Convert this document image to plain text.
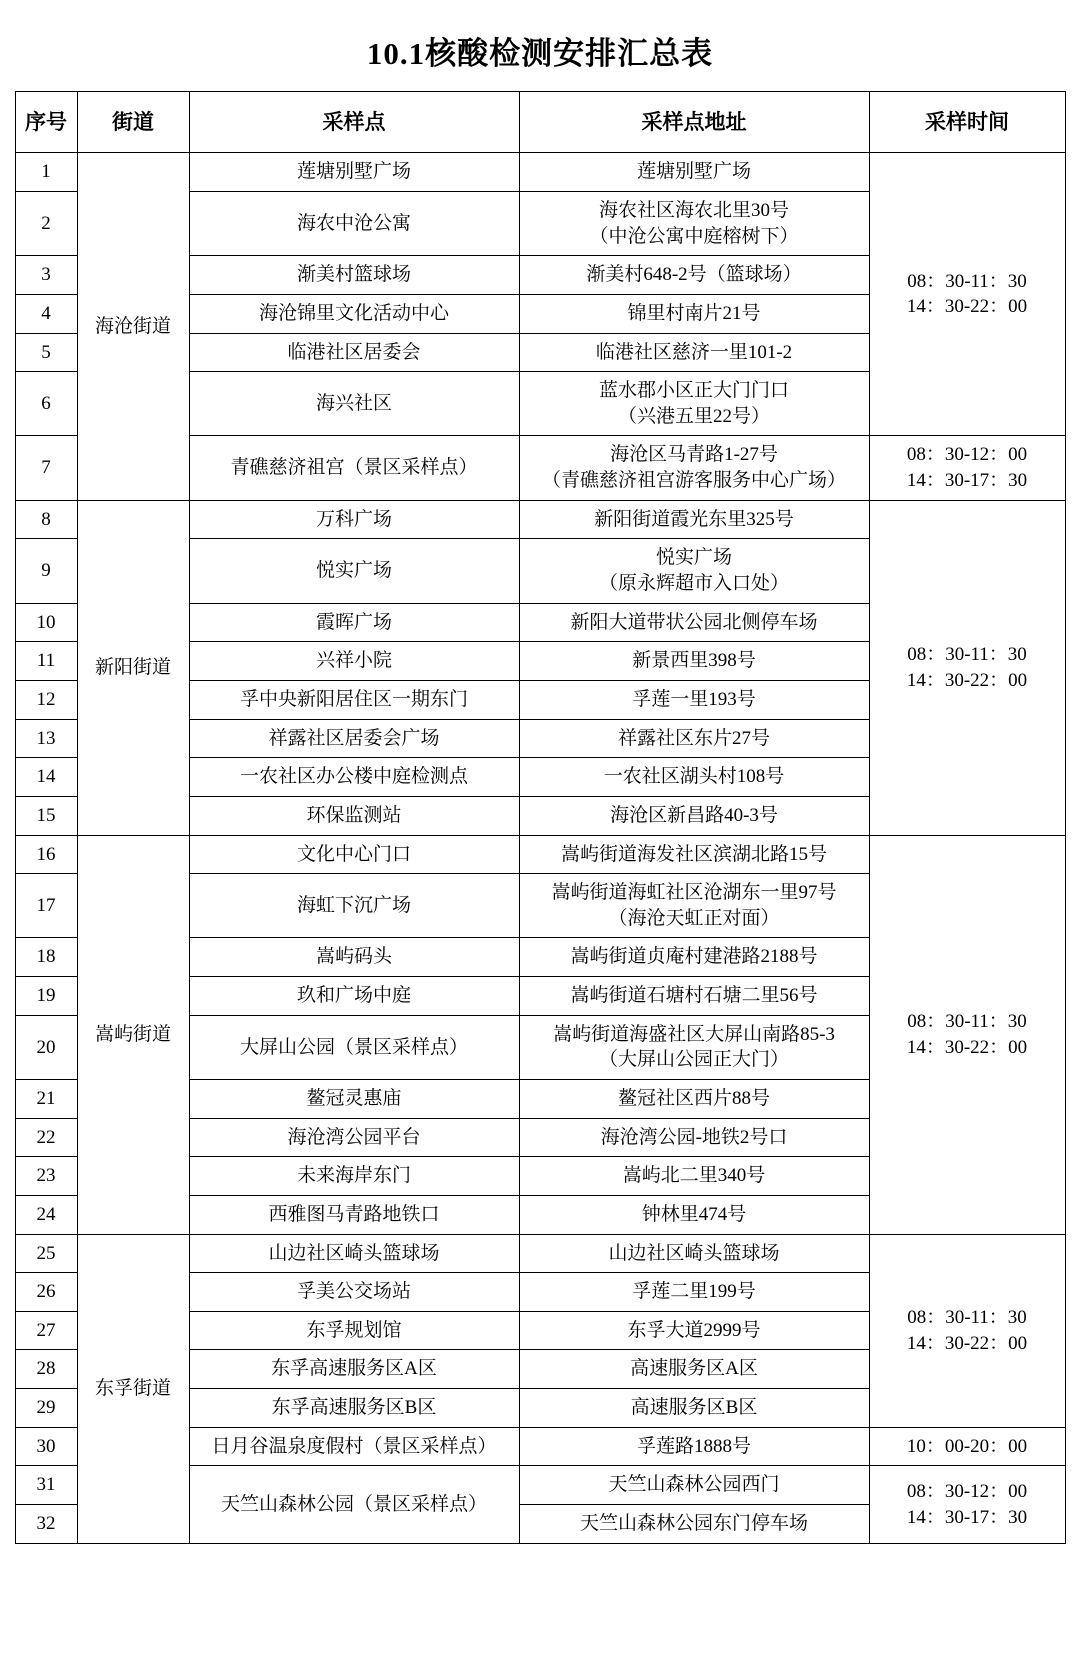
10.1核酸检测安排汇总表
序号	街道	采样点	采样点地址	采样时间
1	海沧街道	莲塘别墅广场	莲塘别墅广场	08：30-11：30
14：30-22：00
2		海农中沧公寓	海农社区海农北里30号
（中沧公寓中庭榕树下）	
3		渐美村篮球场	渐美村648-2号（篮球场）	
4		海沧锦里文化活动中心	锦里村南片21号	
5		临港社区居委会	临港社区慈济一里101-2	
6		海兴社区	蓝水郡小区正大门门口
（兴港五里22号）	
7		青礁慈济祖宫（景区采样点）	海沧区马青路1-27号
（青礁慈济祖宫游客服务中心广场）	08：30-12：00
14：30-17：30
8	新阳街道	万科广场	新阳街道霞光东里325号	08：30-11：30
14：30-22：00
9		悦实广场	悦实广场
（原永辉超市入口处）	
10		霞晖广场	新阳大道带状公园北侧停车场	
11		兴祥小院	新景西里398号	
12		孚中央新阳居住区一期东门	孚莲一里193号	
13		祥露社区居委会广场	祥露社区东片27号	
14		一农社区办公楼中庭检测点	一农社区湖头村108号	
15		环保监测站	海沧区新昌路40-3号	
16	嵩屿街道	文化中心门口	嵩屿街道海发社区滨湖北路15号	08：30-11：30
14：30-22：00
17		海虹下沉广场	嵩屿街道海虹社区沧湖东一里97号
（海沧天虹正对面）	
18		嵩屿码头	嵩屿街道贞庵村建港路2188号	
19		玖和广场中庭	嵩屿街道石塘村石塘二里56号	
20		大屏山公园（景区采样点）	嵩屿街道海盛社区大屏山南路85-3
（大屏山公园正大门）	
21		鳌冠灵惠庙	鳌冠社区西片88号	
22		海沧湾公园平台	海沧湾公园-地铁2号口	
23		未来海岸东门	嵩屿北二里340号	
24		西雅图马青路地铁口	钟林里474号	
25	东孚街道	山边社区崎头篮球场	山边社区崎头篮球场	08：30-11：30
14：30-22：00
26		孚美公交场站	孚莲二里199号	
27		东孚规划馆	东孚大道2999号	
28		东孚高速服务区A区	高速服务区A区	
29		东孚高速服务区B区	高速服务区B区	
30		日月谷温泉度假村（景区采样点）	孚莲路1888号	10：00-20：00
31		天竺山森林公园（景区采样点）	天竺山森林公园西门	08：30-12：00
14：30-17：30
32			天竺山森林公园东门停车场	
